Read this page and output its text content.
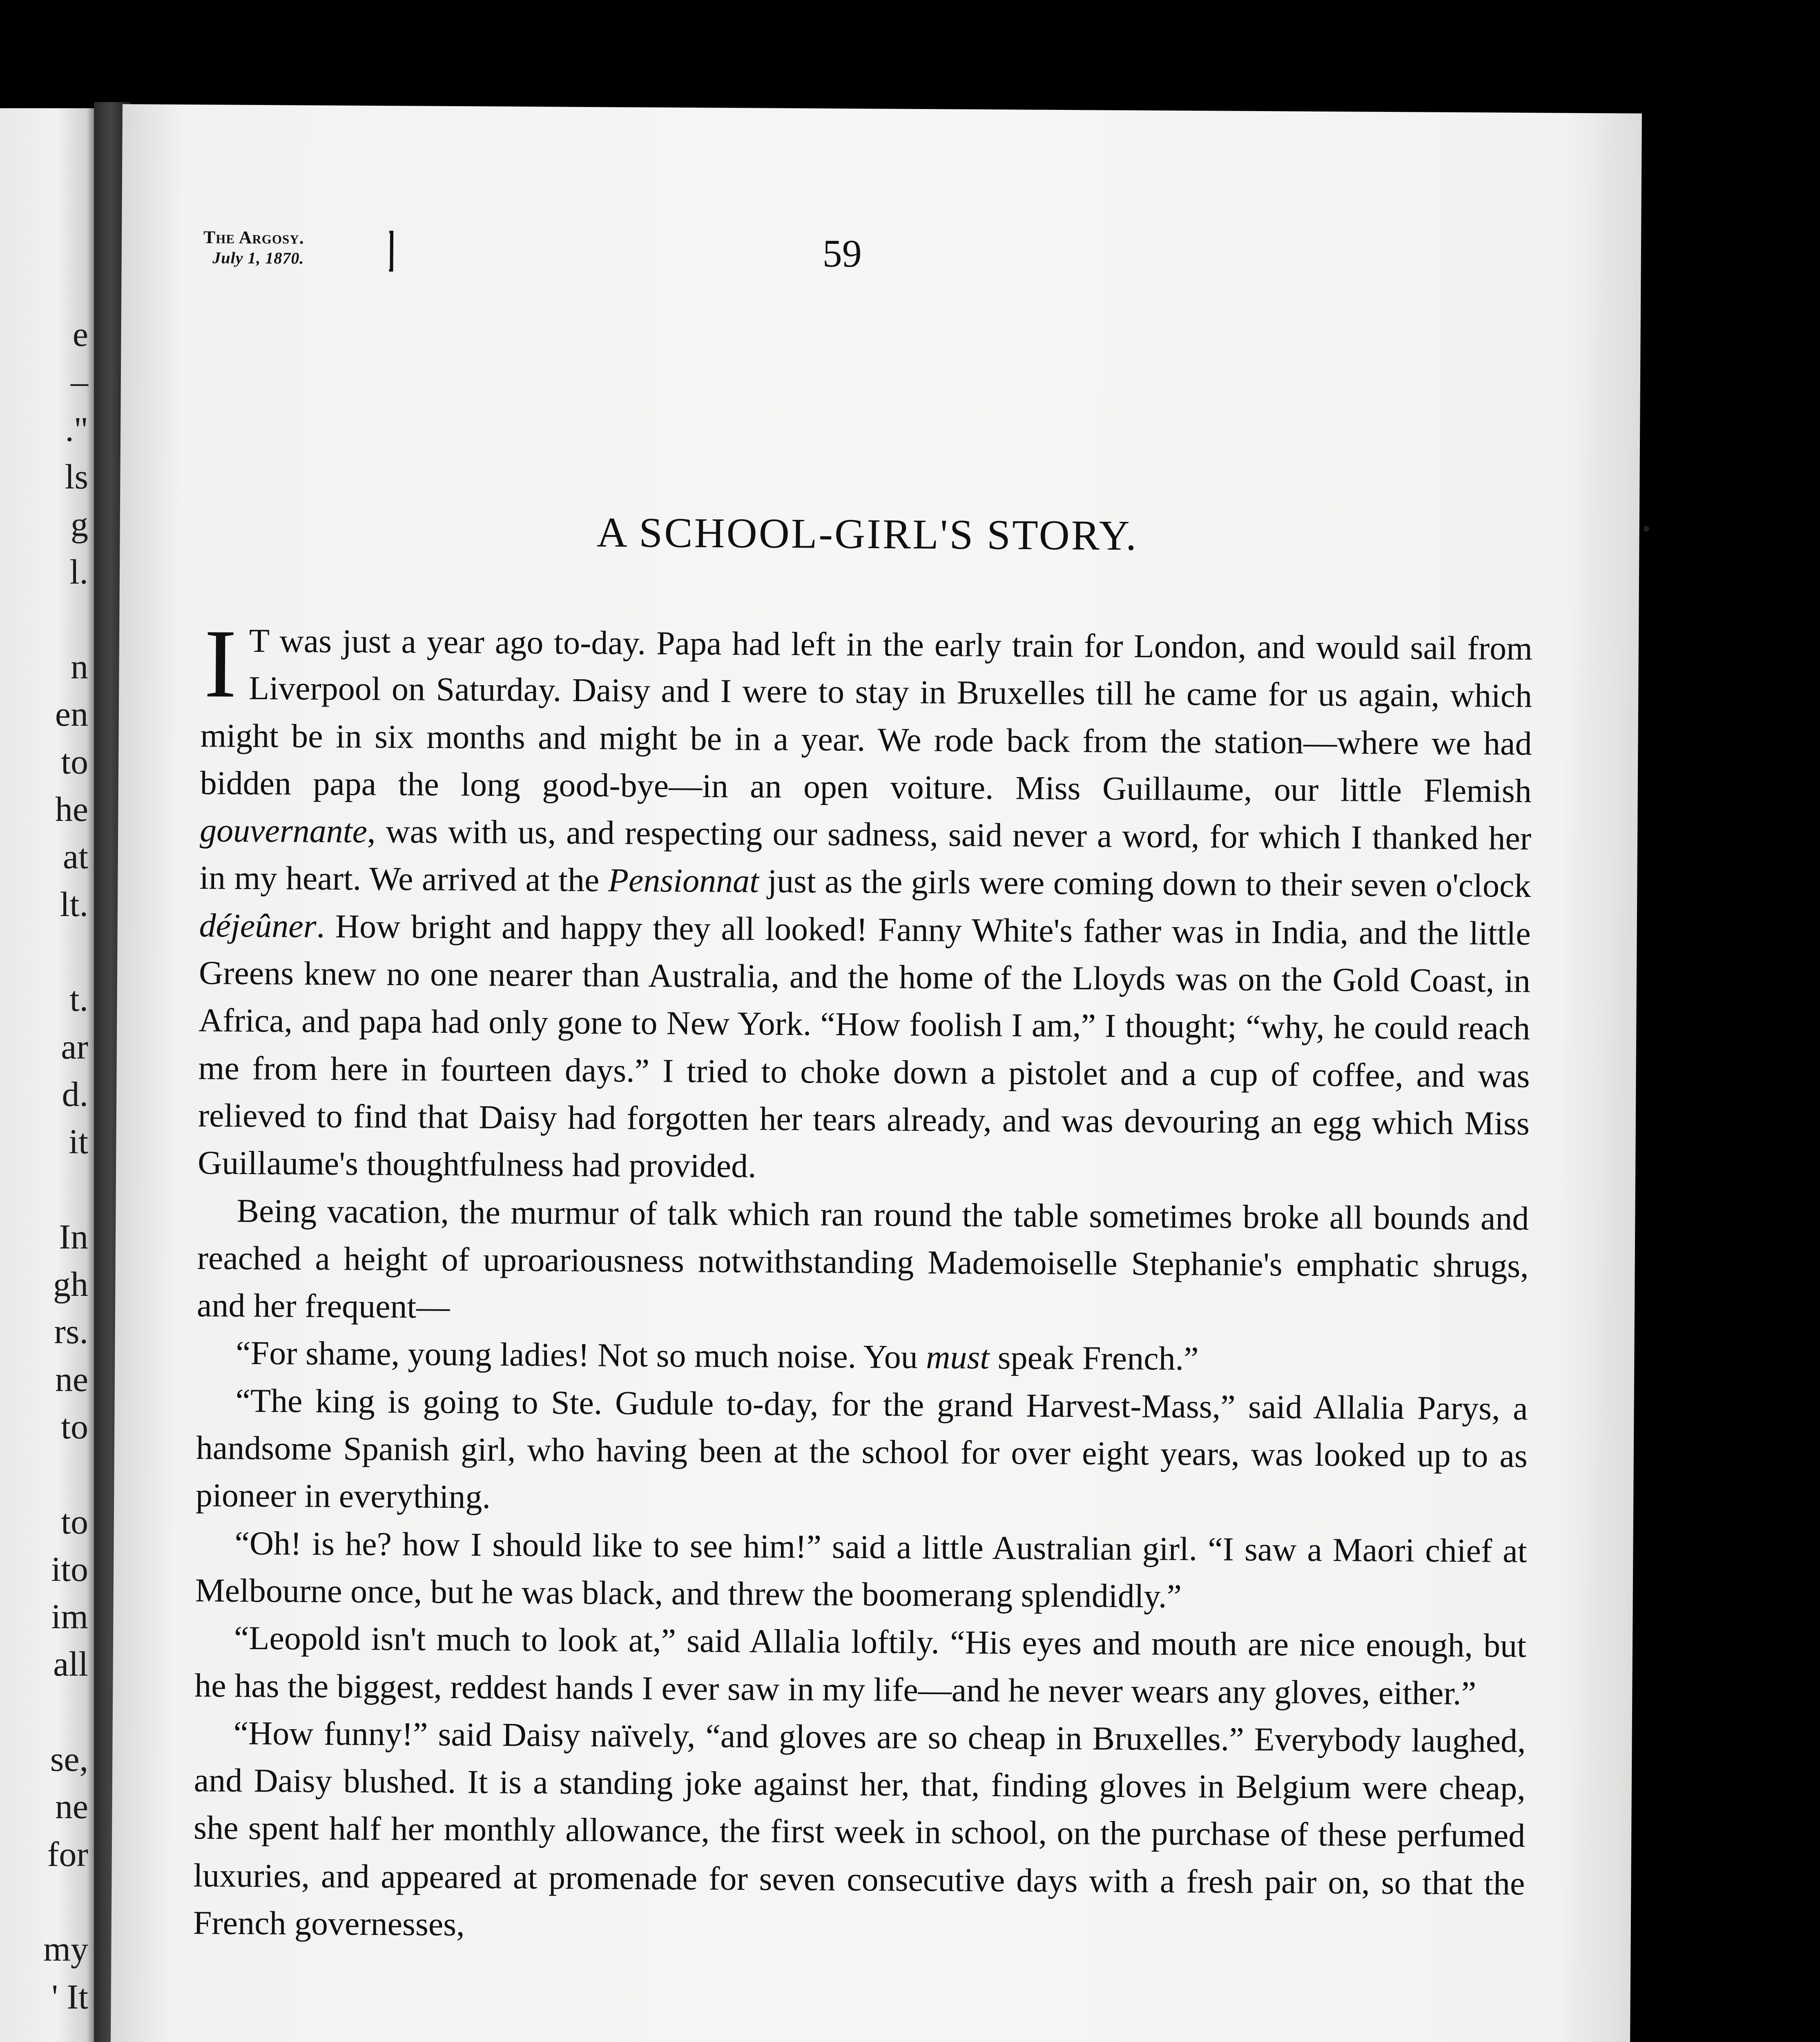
e
–
."
ls
g
l.
n
en
to
he
at
lt.
t.
ar
d.
it
In
gh
rs.
ne
to
to
ito
im
all
se,
ne
for
my
' It
The Argosy.
July 1, 1870.	59
A SCHOOL-GIRL'S STORY.

I T was just a year ago to-day. Papa had left in the early train for London, and would sail from Liverpool on Saturday. Daisy and I were to stay in Bruxelles till he came for us again, which might be in six months and might be in a year. We rode back from the station—where we had bidden papa the long good-bye—in an open voiture. Miss Guillaume, our little Flemish gouvernante, was with us, and respecting our sadness, said never a word, for which I thanked her in my heart. We arrived at the Pensionnat just as the girls were coming down to their seven o'clock déjeûner. How bright and happy they all looked! Fanny White's father was in India, and the little Greens knew no one nearer than Australia, and the home of the Lloyds was on the Gold Coast, in Africa, and papa had only gone to New York. “How foolish I am,” I thought; “why, he could reach me from here in fourteen days.” I tried to choke down a pistolet and a cup of coffee, and was relieved to find that Daisy had forgotten her tears already, and was devouring an egg which Miss Guillaume's thoughtfulness had provided.

Being vacation, the murmur of talk which ran round the table sometimes broke all bounds and reached a height of uproariousness notwithstanding Mademoiselle Stephanie's emphatic shrugs, and her frequent—

“For shame, young ladies! Not so much noise. You must speak French.”

“The king is going to Ste. Gudule to-day, for the grand Harvest-Mass,” said Allalia Parys, a handsome Spanish girl, who having been at the school for over eight years, was looked up to as pioneer in everything.

“Oh! is he? how I should like to see him!” said a little Australian girl. “I saw a Maori chief at Melbourne once, but he was black, and threw the boomerang splendidly.”

“Leopold isn't much to look at,” said Allalia loftily. “His eyes and mouth are nice enough, but he has the biggest, reddest hands I ever saw in my life—and he never wears any gloves, either.”

“How funny!” said Daisy naïvely, “and gloves are so cheap in Bruxelles.” Everybody laughed, and Daisy blushed. It is a standing joke against her, that, finding gloves in Belgium were cheap, she spent half her monthly allowance, the first week in school, on the purchase of these perfumed luxuries, and appeared at promenade for seven consecutive days with a fresh pair on, so that the French governesses,
